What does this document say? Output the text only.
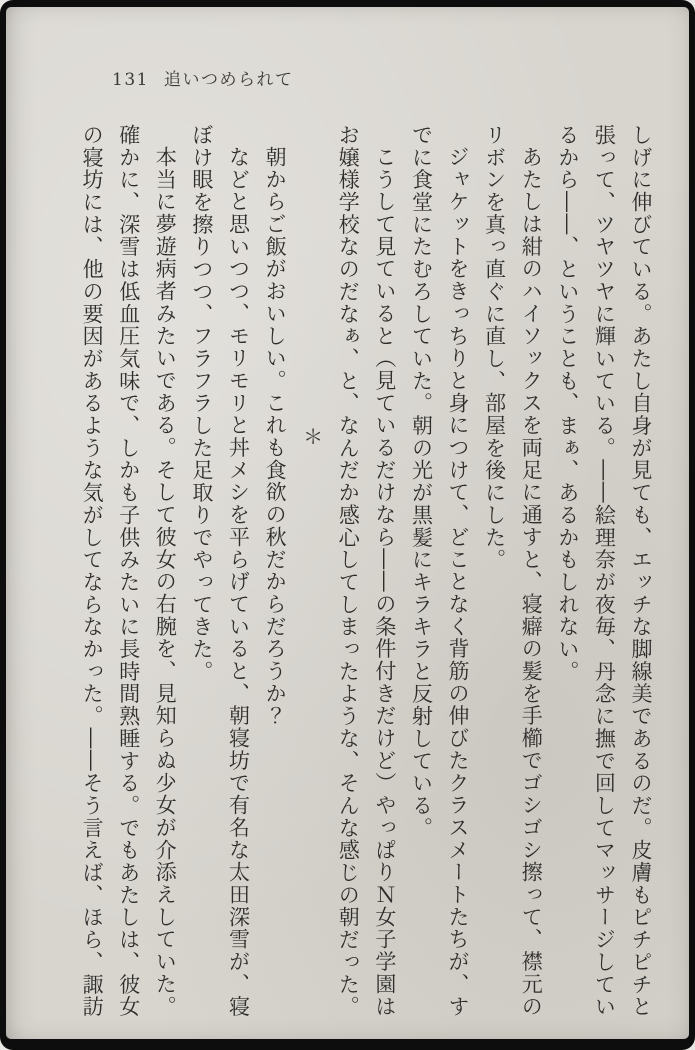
131 追いつめられて
しげに伸びている。あたし自身が見ても、エッチな脚線美であるのだ。皮膚もピチピチと
張って、ツヤツヤに輝いている。――絵理奈が夜毎、丹念に撫で回してマッサージしてい
るから――、ということも、まぁ、あるかもしれない。
あたしは紺のハイソックスを両足に通すと、寝癖の髪を手櫛でゴシゴシ擦って、襟元の
リボンを真っ直ぐに直し、部屋を後にした。
ジャケットをきっちりと身につけて、どことなく背筋の伸びたクラスメートたちが、す
でに食堂にたむろしていた。朝の光が黒髪にキラキラと反射している。
こうして見ていると（見ているだけなら――の条件付きだけど）やっぱりＮ女子学園は
お嬢様学校なのだなぁ、と、なんだか感心してしまったような、そんな感じの朝だった。
＊
朝からご飯がおいしい。これも食欲の秋だからだろうか？
などと思いつつ、モリモリと丼メシを平らげていると、朝寝坊で有名な太田深雪が、寝
ぼけ眼を擦りつつ、フラフラした足取りでやってきた。
本当に夢遊病者みたいである。そして彼女の右腕を、見知らぬ少女が介添えしていた。
確かに、深雪は低血圧気味で、しかも子供みたいに長時間熟睡する。でもあたしは、彼女
の寝坊には、他の要因があるような気がしてならなかった。――そう言えば、ほら、諏訪
